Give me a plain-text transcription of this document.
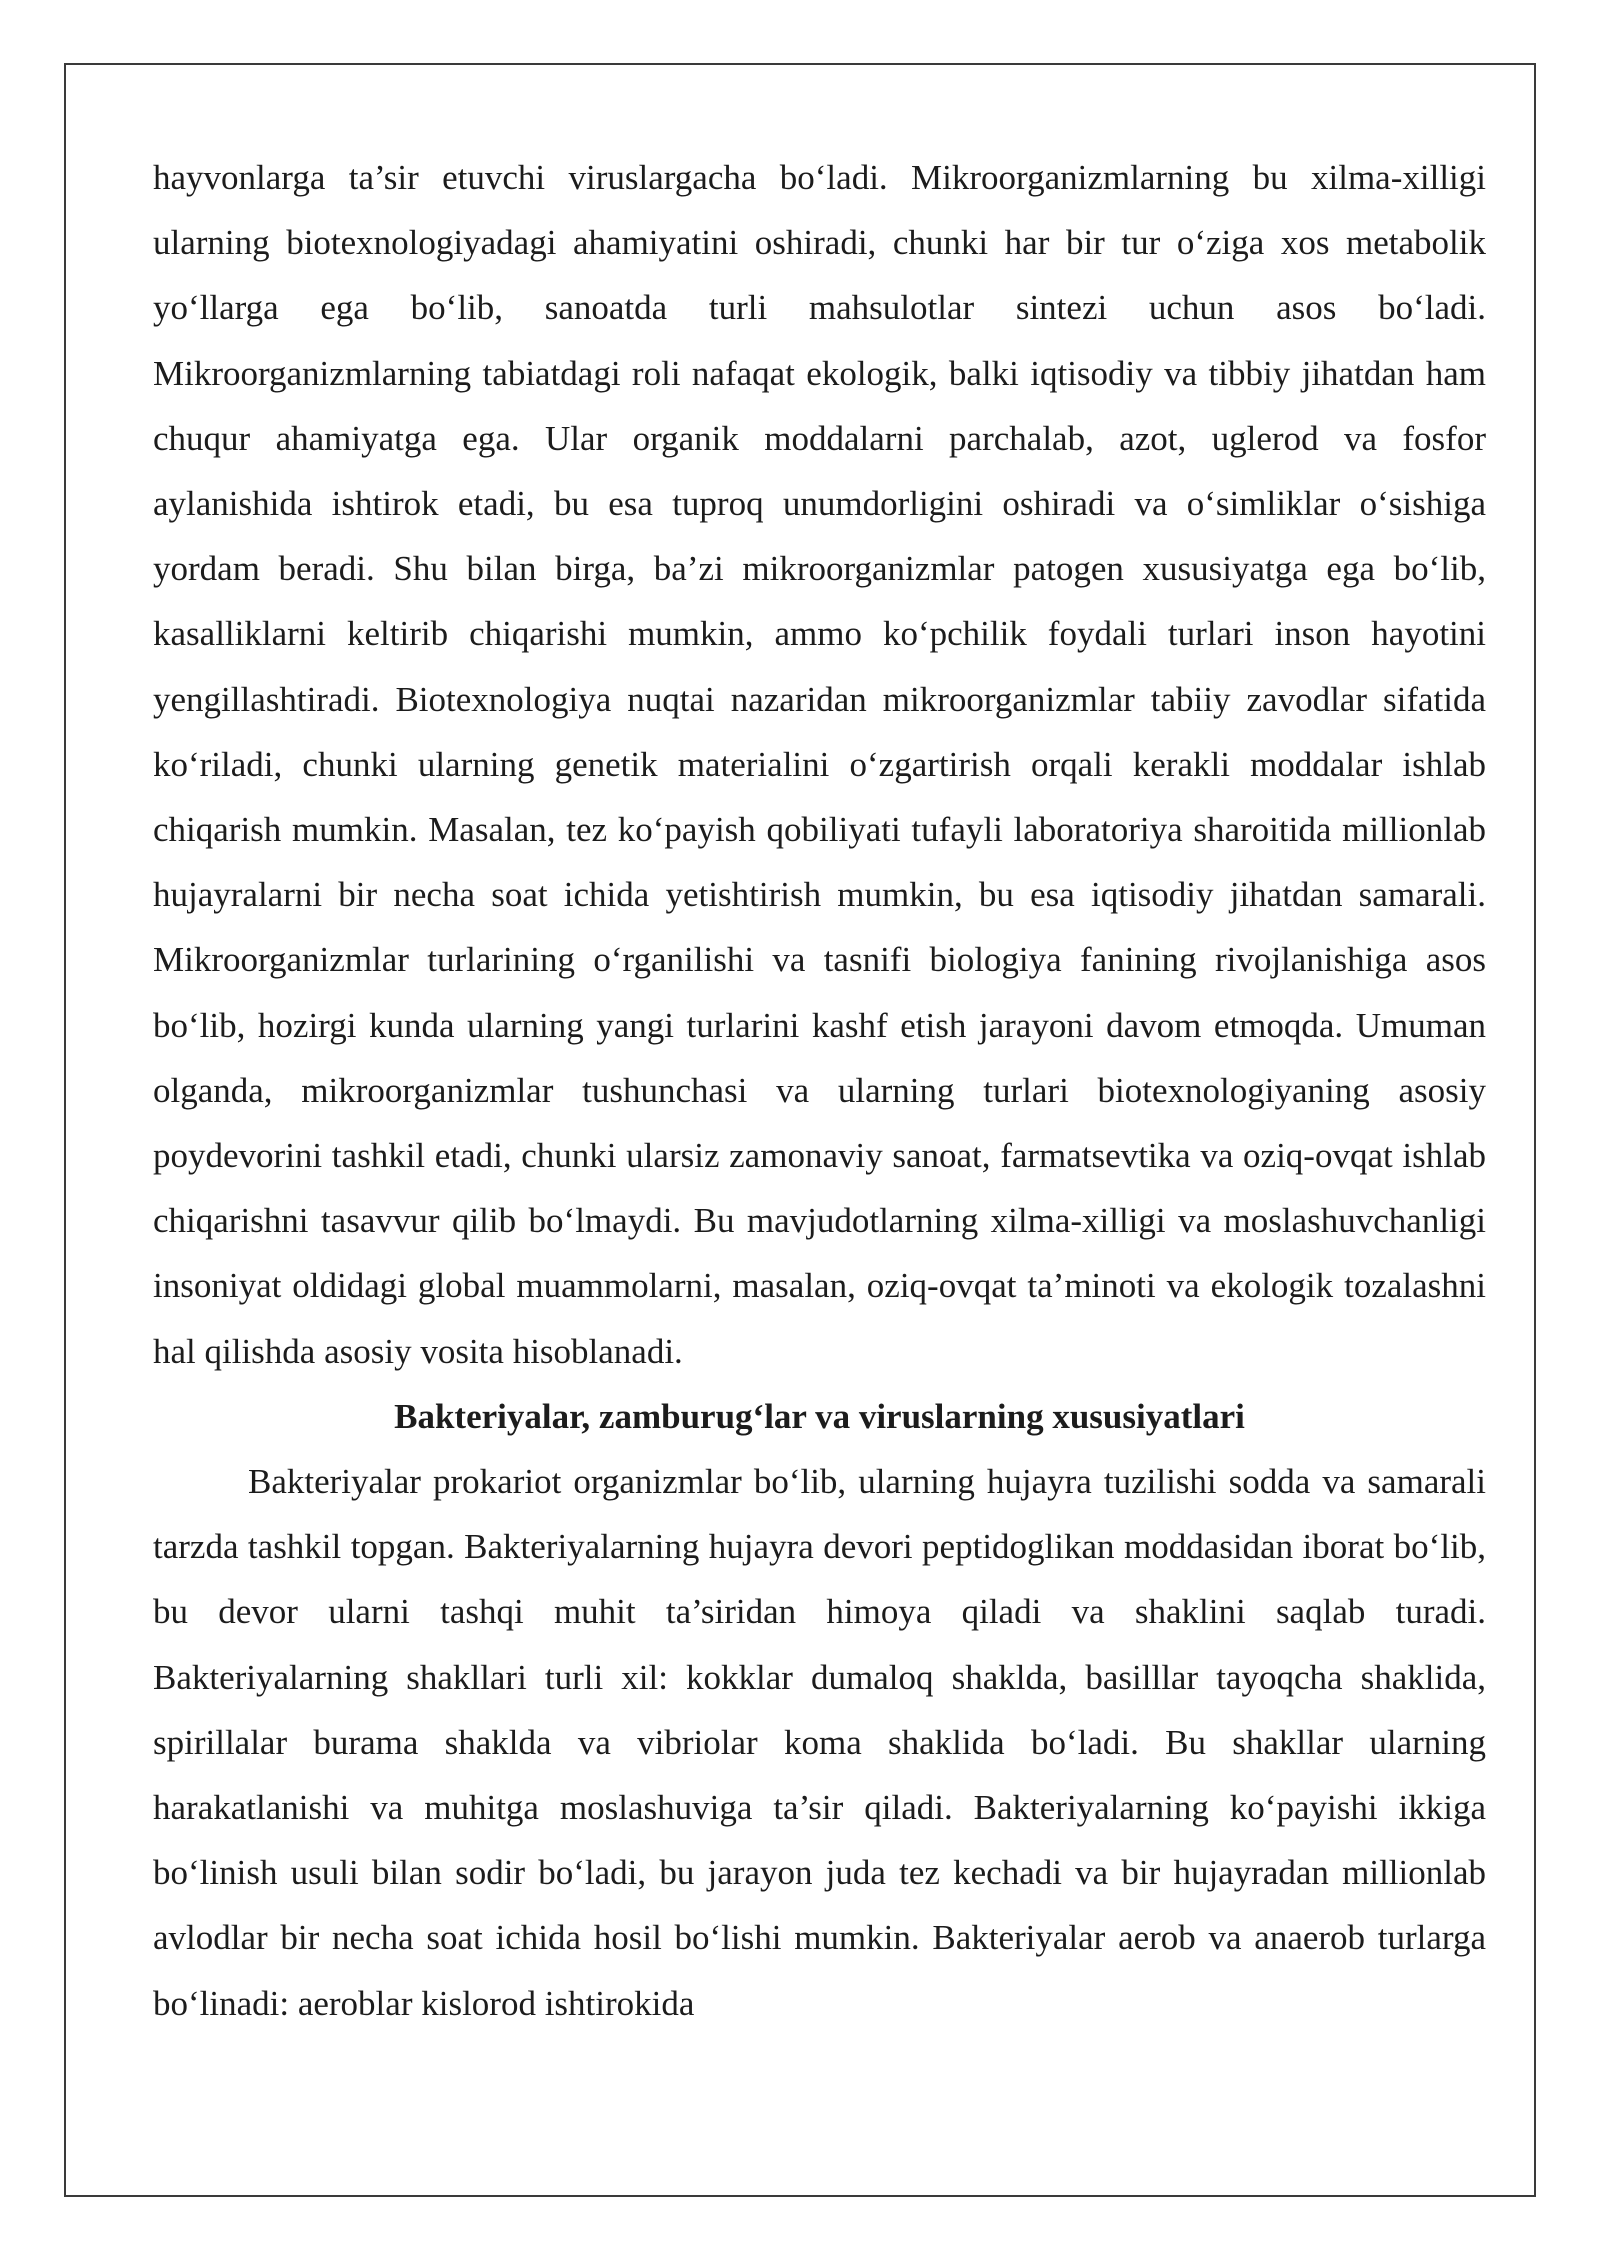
hayvonlarga ta’sir etuvchi viruslargacha bo‘ladi. Mikroorganizmlarning bu xilma-xilligi ularning biotexnologiyadagi ahamiyatini oshiradi, chunki har bir tur o‘ziga xos metabolik yo‘llarga ega bo‘lib, sanoatda turli mahsulotlar sintezi uchun asos bo‘ladi. Mikroorganizmlarning tabiatdagi roli nafaqat ekologik, balki iqtisodiy va tibbiy jihatdan ham chuqur ahamiyatga ega. Ular organik moddalarni parchalab, azot, uglerod va fosfor aylanishida ishtirok etadi, bu esa tuproq unumdorligini oshiradi va o‘simliklar o‘sishiga yordam beradi. Shu bilan birga, ba’zi mikroorganizmlar patogen xususiyatga ega bo‘lib, kasalliklarni keltirib chiqarishi mumkin, ammo ko‘pchilik foydali turlari inson hayotini yengillashtiradi. Biotexnologiya nuqtai nazaridan mikroorganizmlar tabiiy zavodlar sifatida ko‘riladi, chunki ularning genetik materialini o‘zgartirish orqali kerakli moddalar ishlab chiqarish mumkin. Masalan, tez ko‘payish qobiliyati tufayli laboratoriya sharoitida millionlab hujayralarni bir necha soat ichida yetishtirish mumkin, bu esa iqtisodiy jihatdan samarali. Mikroorganizmlar turlarining o‘rganilishi va tasnifi biologiya fanining rivojlanishiga asos bo‘lib, hozirgi kunda ularning yangi turlarini kashf etish jarayoni davom etmoqda. Umuman olganda, mikroorganizmlar tushunchasi va ularning turlari biotexnologiyaning asosiy poydevorini tashkil etadi, chunki ularsiz zamonaviy sanoat, farmatsevtika va oziq-ovqat ishlab chiqarishni tasavvur qilib bo‘lmaydi. Bu mavjudotlarning xilma-xilligi va moslashuvchanligi insoniyat oldidagi global muammolarni, masalan, oziq-ovqat ta’minoti va ekologik tozalashni hal qilishda asosiy vosita hisoblanadi.

Bakteriyalar, zamburug‘lar va viruslarning xususiyatlari

Bakteriyalar prokariot organizmlar bo‘lib, ularning hujayra tuzilishi sodda va samarali tarzda tashkil topgan. Bakteriyalarning hujayra devori peptidoglikan moddasidan iborat bo‘lib, bu devor ularni tashqi muhit ta’siridan himoya qiladi va shaklini saqlab turadi. Bakteriyalarning shakllari turli xil: kokklar dumaloq shaklda, basilllar tayoqcha shaklida, spirillalar burama shaklda va vibriolar koma shaklida bo‘ladi. Bu shakllar ularning harakatlanishi va muhitga moslashuviga ta’sir qiladi. Bakteriyalarning ko‘payishi ikkiga bo‘linish usuli bilan sodir bo‘ladi, bu jarayon juda tez kechadi va bir hujayradan millionlab avlodlar bir necha soat ichida hosil bo‘lishi mumkin. Bakteriyalar aerob va anaerob turlarga bo‘linadi: aeroblar kislorod ishtirokida
